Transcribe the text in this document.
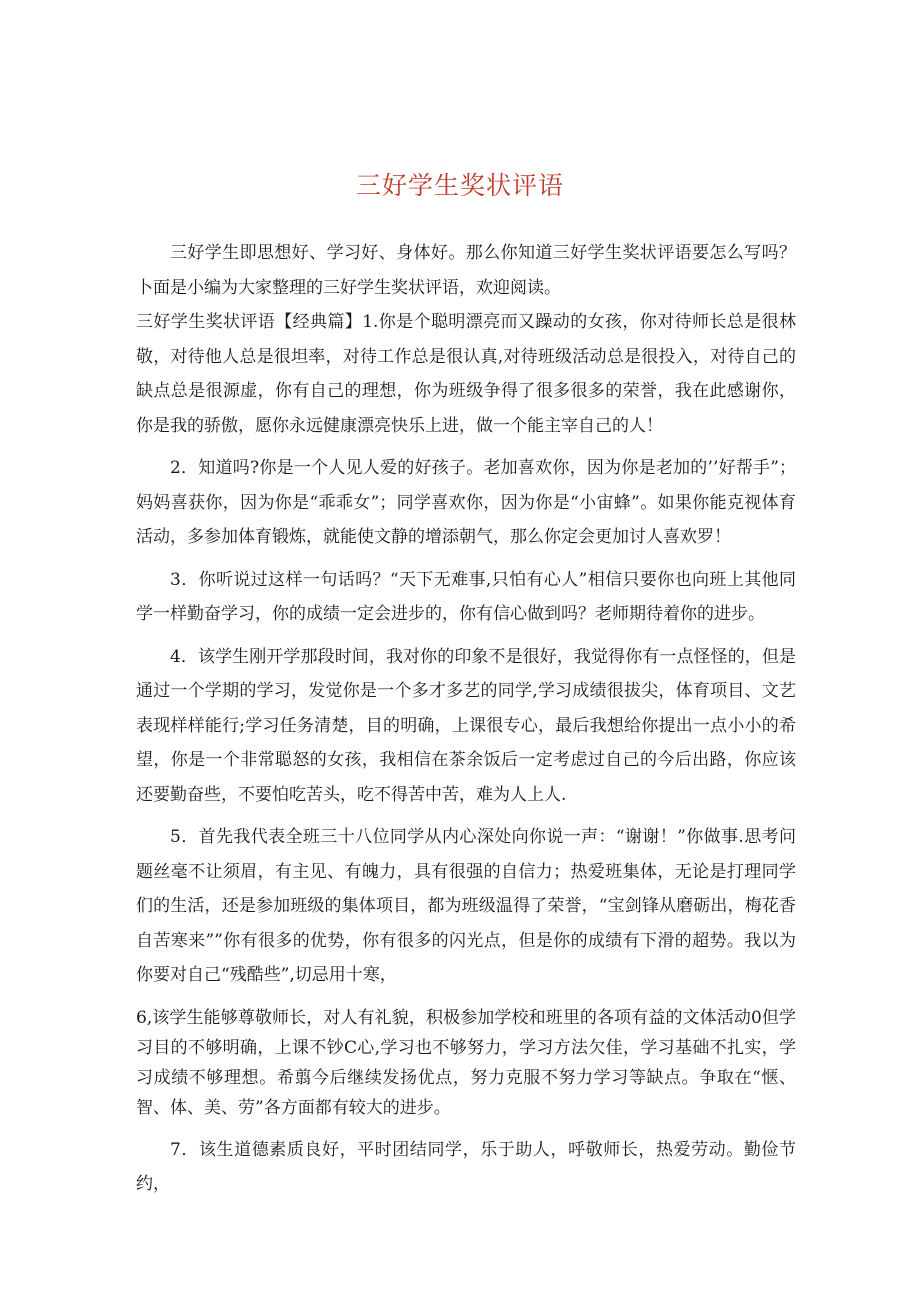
三好学生奖状评语

三好学生即思想好、学习好、身体好。那么你知道三好学生奖状评语要怎么写吗？卜面是小编为大家整理的三好学生奖状评语，欢迎阅读。

三好学生奖状评语【经典篇】1.你是个聪明漂亮而又躁动的女孩，你对待师长总是很林敬，对待他人总是很坦率，对待工作总是很认真,对待班级活动总是很投入，对待自己的缺点总是很源虚，你有自己的理想，你为班级争得了很多很多的荣誉，我在此感谢你，你是我的骄傲，愿你永远健康漂亮快乐上进，做一个能主宰自己的人！

2．知道吗?你是一个人见人爱的好孩子。老加喜欢你，因为你是老加的’’好帮手”；妈妈喜获你，因为你是“乖乖女”；同学喜欢你，因为你是“小宙蜂”。如果你能克视体育活动，多参加体育锻炼，就能使文静的增添朝气，那么你定会更加讨人喜欢罗！

3．你听说过这样一句话吗？“天下无难事,只怕有心人”相信只要你也向班上其他同学一样勤奋学习，你的成绩一定会进步的，你有信心做到吗？老师期待着你的进步。

4．该学生刚开学那段时间，我对你的印象不是很好，我觉得你有一点怪怪的，但是通过一个学期的学习，发觉你是一个多才多艺的同学,学习成绩很拔尖，体育项目、文艺表现样样能行;学习任务清楚，目的明确，上课很专心，最后我想给你提出一点小小的希望，你是一个非常聪怒的女孩，我相信在茶余饭后一定考虑过自己的今后出路，你应该还要勤奋些，不要怕吃苦头，吃不得苦中苦，难为人上人.

5．首先我代表全班三十八位同学从内心深处向你说一声：“谢谢！”你做事.思考问题丝毫不让须眉，有主见、有魄力，具有很强的自信力；热爱班集体，无论是打理同学们的生活，还是参加班级的集体项目，都为班级温得了荣誉，“宝剑锋从磨砺出，梅花香自苦寒来””你有很多的优势，你有很多的闪光点，但是你的成绩有下滑的超势。我以为你要对自己“残酷些”,切忌用十寒，

6,该学生能够尊敬师长，对人有礼貌，积极参加学校和班里的各项有益的文体活动0但学习目的不够明确，上课不钞C心,学习也不够努力，学习方法欠佳，学习基础不扎实，学习成绩不够理想。希翦今后继续发扬优点，努力克服不努力学习等缺点。争取在“惬、智、体、美、劳”各方面都有较大的进步。

7．该生道德素质良好，平时团结同学，乐于助人，呼敬师长，热爱劳动。勤俭节约，
